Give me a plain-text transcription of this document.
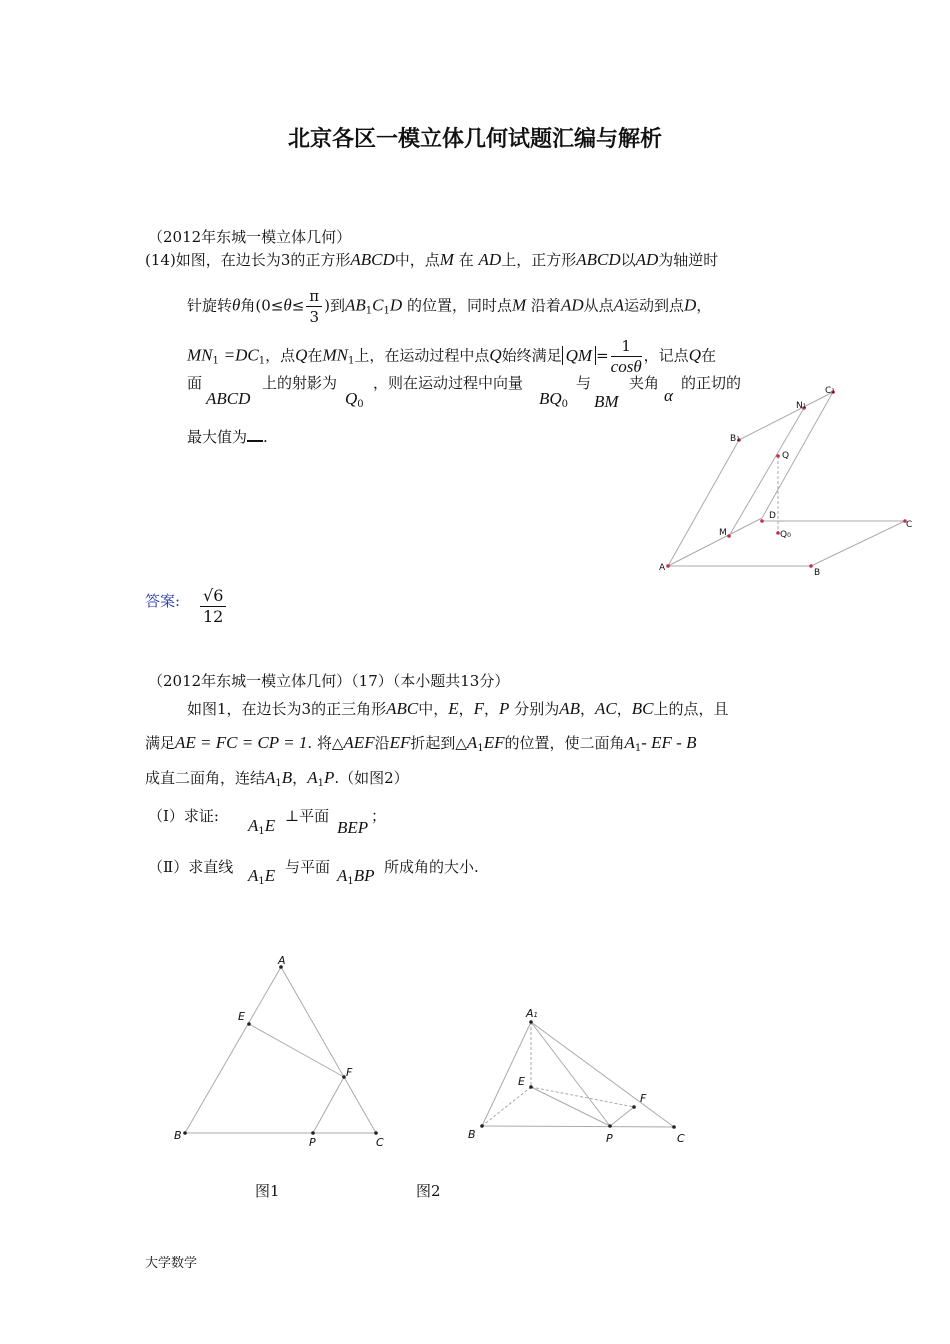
北京各区一模立体几何试题汇编与解析
（2012年东城一模立体几何）
(14)如图，在边长为3的正方形ABCD中，点M 在 AD上，正方形ABCD以AD为轴逆时
针旋转θ角($0\le\theta\le \frac{\pi}{3}$ )到$AB_1C_1D$ 的位置，同时点M 沿着AD从点A运动到点D，
$MN_1 =DC_1$，点Q在$MN_1$上，在运动过程中点Q始终满足 QM = $\frac{1}{\cos\theta}$ ，记点Q在
面
ABCD
上的射影为
$Q_0$
，则在运动过程中向量
$BQ_0$
与
BM
夹角
α
的正切的
最大值为 .
C1
N1
B1
Q
D
M	Q0
C
A	B
答案: $\frac{√6}{12}$
（2012年东城一模立体几何）（17）（本小题共13分）
如图1，在边长为3的正三角形ABC中，E，F，P 分别为AB，AC，BC上的点，且
满足AE = FC = CP = 1. 将△AEF沿EF折起到$\triangle A_1EF$的位置，使二面角$A_1-$ EF - B
成直二面角，连结$A_1B$，$A_1P$.（如图2）
（Ⅰ）求证: $A_1E$ ⊥平面
BEP
；
（Ⅱ）求直线 $A_1E$ 与平面 $A_1BP$ 所成角的大小.
A
E
F
B
P	C
A1
E
F
B	P	C
图1	图2
大学数学
